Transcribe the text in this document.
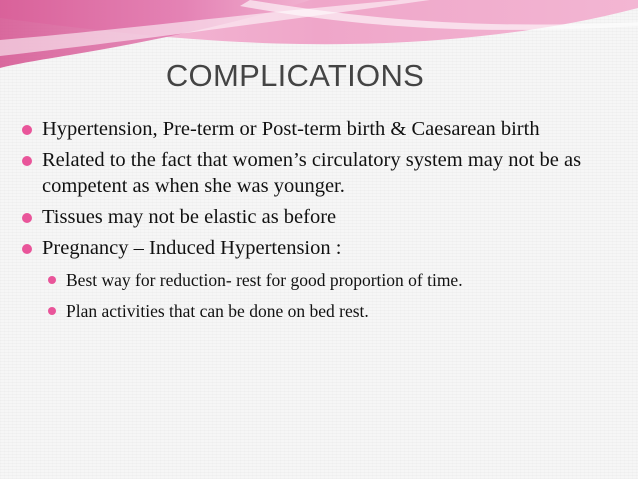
COMPLICATIONS
Hypertension, Pre-term or Post-term birth & Caesarean birth
Related to the fact that women’s circulatory system may not be as competent as when she was younger.
Tissues may not be elastic as before
Pregnancy – Induced Hypertension :
Best way for reduction- rest for good proportion of time.
Plan activities that can be done on bed rest.
